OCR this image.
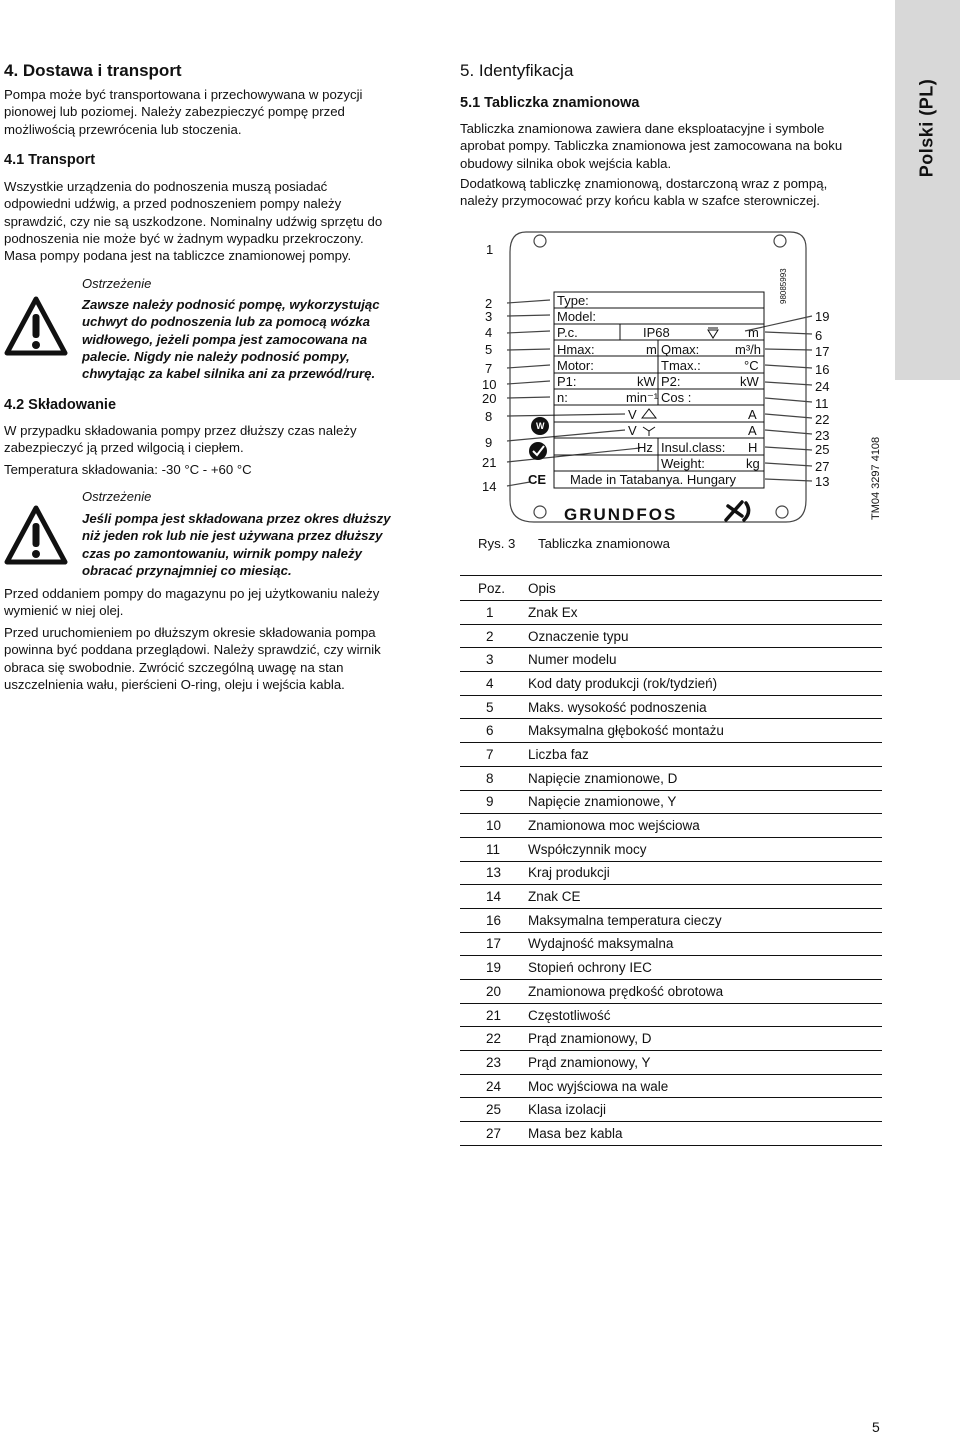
Polski (PL)
4. Dostawa i transport

Pompa może być transportowana i przechowywana w pozycji

pionowej lub poziomej. Należy zabezpieczyć pompę przed

możliwością przewrócenia lub stoczenia.

4.1 Transport

Wszystkie urządzenia do podnoszenia muszą posiadać

odpowiedni udźwig, a przed podnoszeniem pompy należy

sprawdzić, czy nie są uszkodzone. Nominalny udźwig sprzętu do

podnoszenia nie może być w żadnym wypadku przekroczony.

Masa pompy podana jest na tabliczce znamionowej pompy.

Ostrzeżenie
Zawsze należy podnosić pompę, wykorzystując
uchwyt do podnoszenia lub za pomocą wózka
widłowego, jeżeli pompa jest zamocowana na
palecie. Nigdy nie należy podnosić pompy,
chwytając za kabel silnika ani za przewód/rurę.
4.2 Składowanie

W przypadku składowania pompy przez dłuższy czas należy

zabezpieczyć ją przed wilgocią i ciepłem.

Temperatura składowania: -30 °C - +60 °C

Ostrzeżenie
Jeśli pompa jest składowana przez okres dłuższy
niż jeden rok lub nie jest używana przez dłuższy
czas po zamontowaniu, wirnik pompy należy
obracać przynajmniej co miesiąc.

Przed oddaniem pompy do magazynu po jej użytkowaniu należy

wymienić w niej olej.

Przed uruchomieniem po dłuższym okresie składowania pompa

powinna być poddana przeglądowi. Należy sprawdzić, czy wirnik

obraca się swobodnie. Zwrócić szczególną uwagę na stan

uszczelnienia wału, pierścieni O-ring, oleju i wejścia kabla.

5. Identyfikacja
5.1 Tabliczka znamionowa

Tabliczka znamionowa zawiera dane eksploatacyjne i symbole

aprobat pompy. Tabliczka znamionowa jest zamocowana na boku

obudowy silnika obok wejścia kabla.

Dodatkową tabliczkę znamionową, dostarczoną wraz z pompą,

należy przymocować przy końcu kabla w szafce sterowniczej.

W
1
2
3
4
5
7
10
20
8
9
21
14
19
6
17
16
24
11
22
23
25
27
13
Type:
Model:
P.c.	IP68	m
Hmax:	m Qmax:	m³/h
Motor:	Tmax.:	°C
P1:	kW P2:	kW
n:	min⁻¹ Cos :
V	A
V	A
Hz Insul.class: H
Weight:	kg
Made in Tatabanya. Hungary
CE
98085993
GRUNDFOS	TM04 3297 4108
Rys. 3 Tabliczka znamionowa
Poz.	Opis
1	Znak Ex
2	Oznaczenie typu
3	Numer modelu
4	Kod daty produkcji (rok/tydzień)
5	Maks. wysokość podnoszenia
6	Maksymalna głębokość montażu
7	Liczba faz
8	Napięcie znamionowe, D
9	Napięcie znamionowe, Y
10	Znamionowa moc wejściowa
11	Współczynnik mocy
13	Kraj produkcji
14	Znak CE
16	Maksymalna temperatura cieczy
17	Wydajność maksymalna
19	Stopień ochrony IEC
20	Znamionowa prędkość obrotowa
21	Częstotliwość
22	Prąd znamionowy, D
23	Prąd znamionowy, Y
24	Moc wyjściowa na wale
25	Klasa izolacji
27	Masa bez kabla
5
